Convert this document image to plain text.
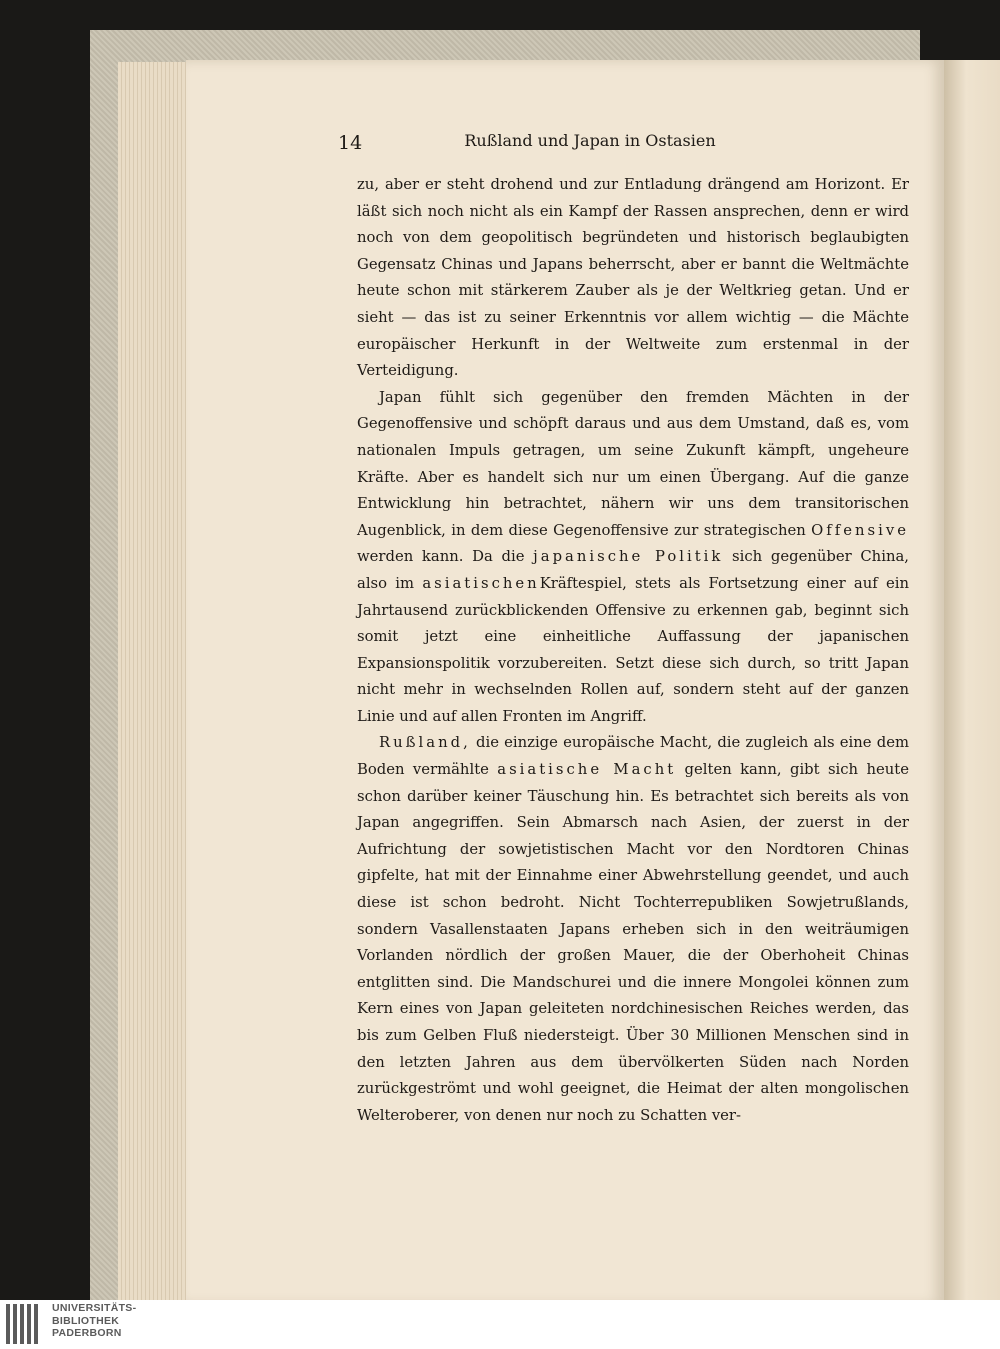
14	Rußland und Japan in Ostasien

zu, aber er steht drohend und zur Entladung drängend am Horizont. Er läßt sich noch nicht als ein Kampf der Rassen ansprechen, denn er wird noch von dem geopolitisch begründeten und historisch beglaubigten Gegensatz Chinas und Japans beherrscht, aber er bannt die Weltmächte heute schon mit stärkerem Zauber als je der Weltkrieg getan. Und er sieht — das ist zu seiner Erkenntnis vor allem wichtig — die Mächte europäischer Herkunft in der Weltweite zum erstenmal in der Verteidigung.

Japan fühlt sich gegenüber den fremden Mächten in der Gegenoffensive und schöpft daraus und aus dem Umstand, daß es, vom nationalen Impuls getragen, um seine Zukunft kämpft, ungeheure Kräfte. Aber es handelt sich nur um einen Übergang. Auf die ganze Entwicklung hin betrachtet, nähern wir uns dem transitorischen Augenblick, in dem diese Gegenoffensive zur strategischen Offensive werden kann. Da die japanische Politik sich gegenüber China, also im asiatischenKräftespiel, stets als Fortsetzung einer auf ein Jahrtausend zurückblickenden Offensive zu erkennen gab, beginnt sich somit jetzt eine einheitliche Auffassung der japanischen Expansionspolitik vorzubereiten. Setzt diese sich durch, so tritt Japan nicht mehr in wechselnden Rollen auf, sondern steht auf der ganzen Linie und auf allen Fronten im Angriff.

Rußland, die einzige europäische Macht, die zugleich als eine dem Boden vermählte asiatische Macht gelten kann, gibt sich heute schon darüber keiner Täuschung hin. Es betrachtet sich bereits als von Japan angegriffen. Sein Abmarsch nach Asien, der zuerst in der Aufrichtung der sowjetistischen Macht vor den Nordtoren Chinas gipfelte, hat mit der Einnahme einer Abwehrstellung geendet, und auch diese ist schon bedroht. Nicht Tochterrepubliken Sowjetrußlands, sondern Vasallenstaaten Japans erheben sich in den weiträumigen Vorlanden nördlich der großen Mauer, die der Oberhoheit Chinas entglitten sind. Die Mandschurei und die innere Mongolei können zum Kern eines von Japan geleiteten nordchinesischen Reiches werden, das bis zum Gelben Fluß niedersteigt. Über 30 Millionen Menschen sind in den letzten Jahren aus dem übervölkerten Süden nach Norden zurückgeströmt und wohl geeignet, die Heimat der alten mongolischen Welteroberer, von denen nur noch zu Schatten ver-

UNIVERSITÄTS-
BIBLIOTHEK
PADERBORN
